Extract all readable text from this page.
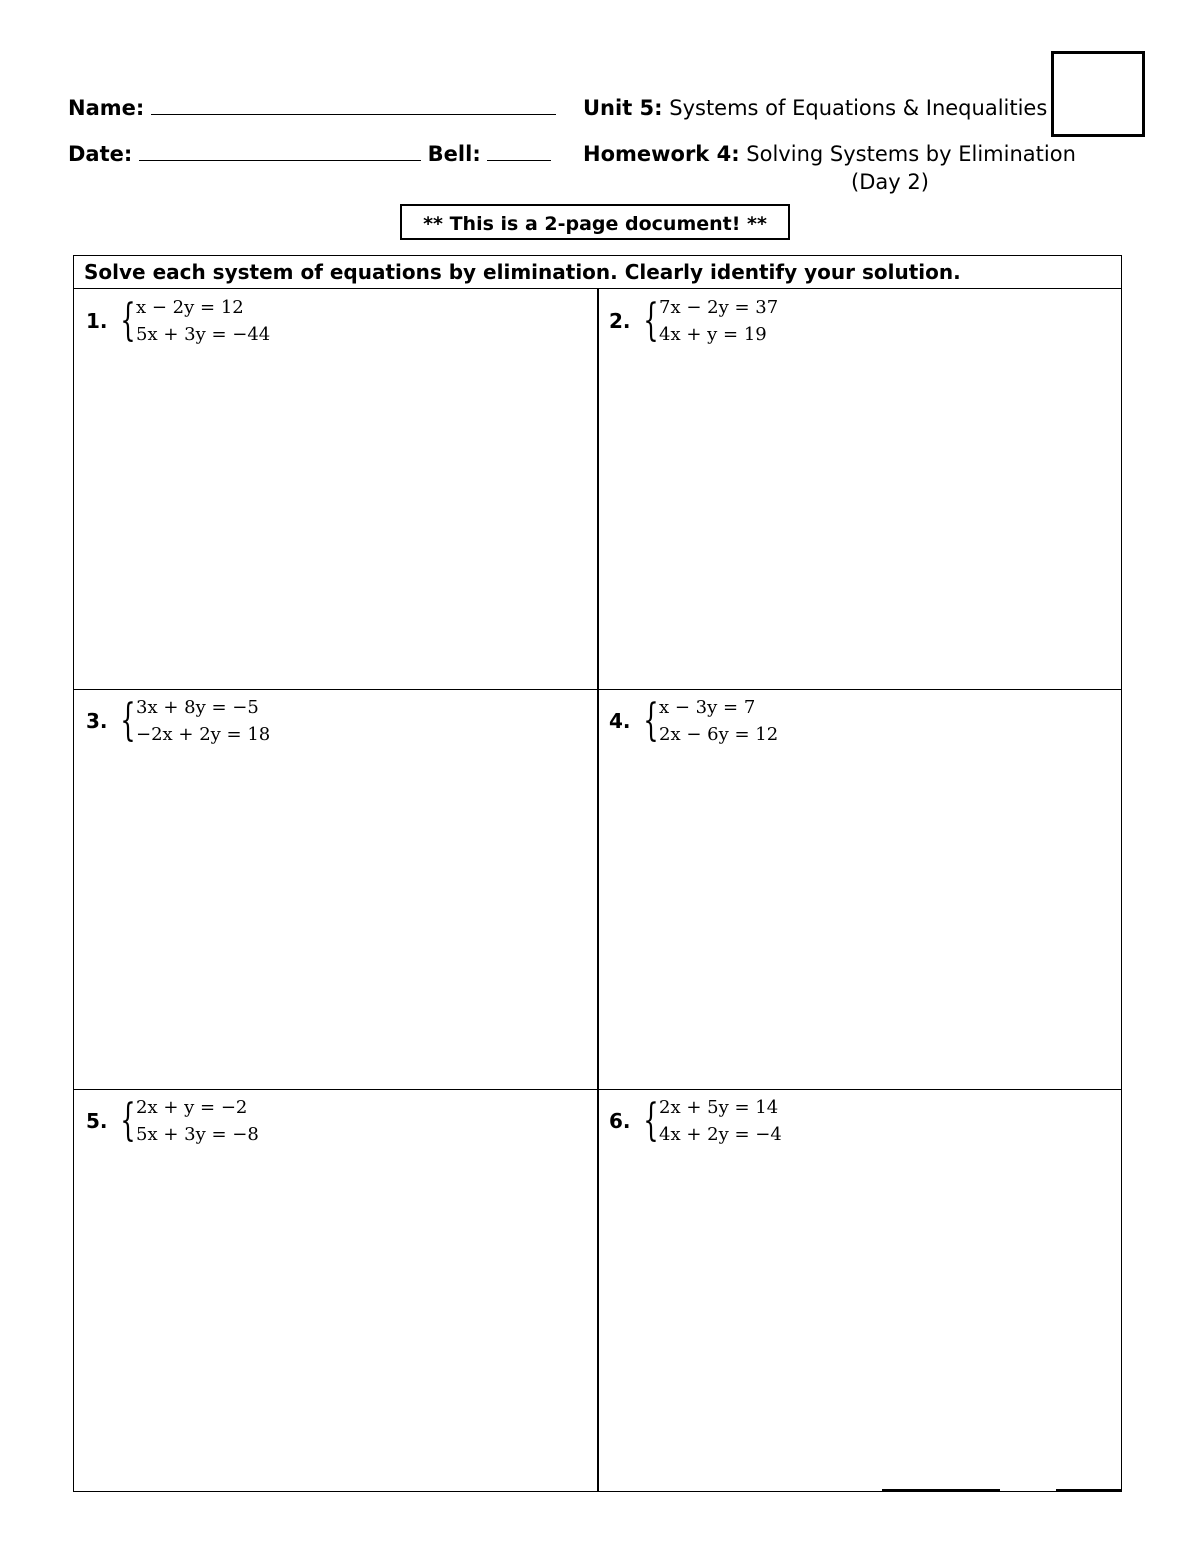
Name:
Date:	Bell:
Unit 5: Systems of Equations & Inequalities
Homework 4: Solving Systems by Elimination
(Day 2)
** This is a 2-page document! **
Solve each system of equations by elimination. Clearly identify your solution.
1. { x − 2y = 12
5x + 3y = −44
2. { 7x − 2y = 37
4x + y = 19
3. { 3x + 8y = −5
−2x + 2y = 18
4. { x − 3y = 7
2x − 6y = 12
5. { 2x + y = −2
5x + 3y = −8
6. { 2x + 5y = 14
4x + 2y = −4
